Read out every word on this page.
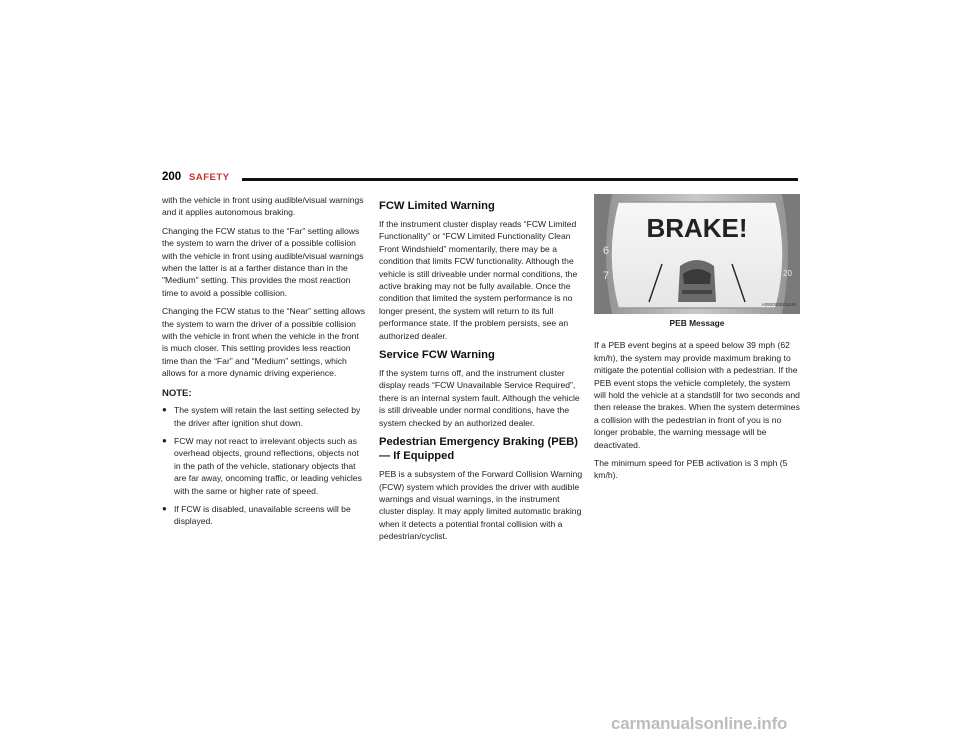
200 SAFETY

with the vehicle in front using audible/visual warnings and it applies autonomous braking.

Changing the FCW status to the “Far” setting allows the system to warn the driver of a possible collision with the vehicle in front using audible/visual warnings when the latter is at a farther distance than in the "Medium" setting. This provides the most reaction time to avoid a possible collision.

Changing the FCW status to the “Near” setting allows the system to warn the driver of a possible collision with the vehicle in front when the vehicle in the front is much closer. This setting provides less reaction time than the “Far” and “Medium” settings, which allows for a more dynamic driving experience.

NOTE:
● The system will retain the last setting selected by the driver after ignition shut down.
● FCW may not react to irrelevant objects such as overhead objects, ground reflections, objects not in the path of the vehicle, stationary objects that are far away, oncoming traffic, or leading vehicles with the same or higher rate of speed.
● If FCW is disabled, unavailable screens will be displayed.
FCW Limited Warning

If the instrument cluster display reads “FCW Limited Functionality” or “FCW Limited Functionality Clean Front Windshield” momentarily, there may be a condition that limits FCW functionality. Although the vehicle is still driveable under normal conditions, the active braking may not be fully available. Once the condition that limited the system performance is no longer present, the system will return to its full performance state. If the problem persists, see an authorized dealer.

Service FCW Warning

If the system turns off, and the instrument cluster display reads “FCW Unavailable Service Required”, there is an internal system fault. Although the vehicle is still driveable under normal conditions, have the system checked by an authorized dealer.

Pedestrian Emergency Braking (PEB) — If Equipped

PEB is a subsystem of the Forward Collision Warning (FCW) system which provides the driver with audible warnings and visual warnings, in the instrument cluster display. It may apply limited automatic braking when it detects a potential frontal collision with a pedestrian/cyclist.

BRAKE!
6
7	20
A0920000214US
PEB Message

If a PEB event begins at a speed below 39 mph (62 km/h), the system may provide maximum braking to mitigate the potential collision with a pedestrian. If the PEB event stops the vehicle completely, the system will hold the vehicle at a standstill for two seconds and then release the brakes. When the system determines a collision with the pedestrian in front of you is no longer probable, the warning message will be deactivated.

The minimum speed for PEB activation is 3 mph (5 km/h).

carmanualsonline.info
